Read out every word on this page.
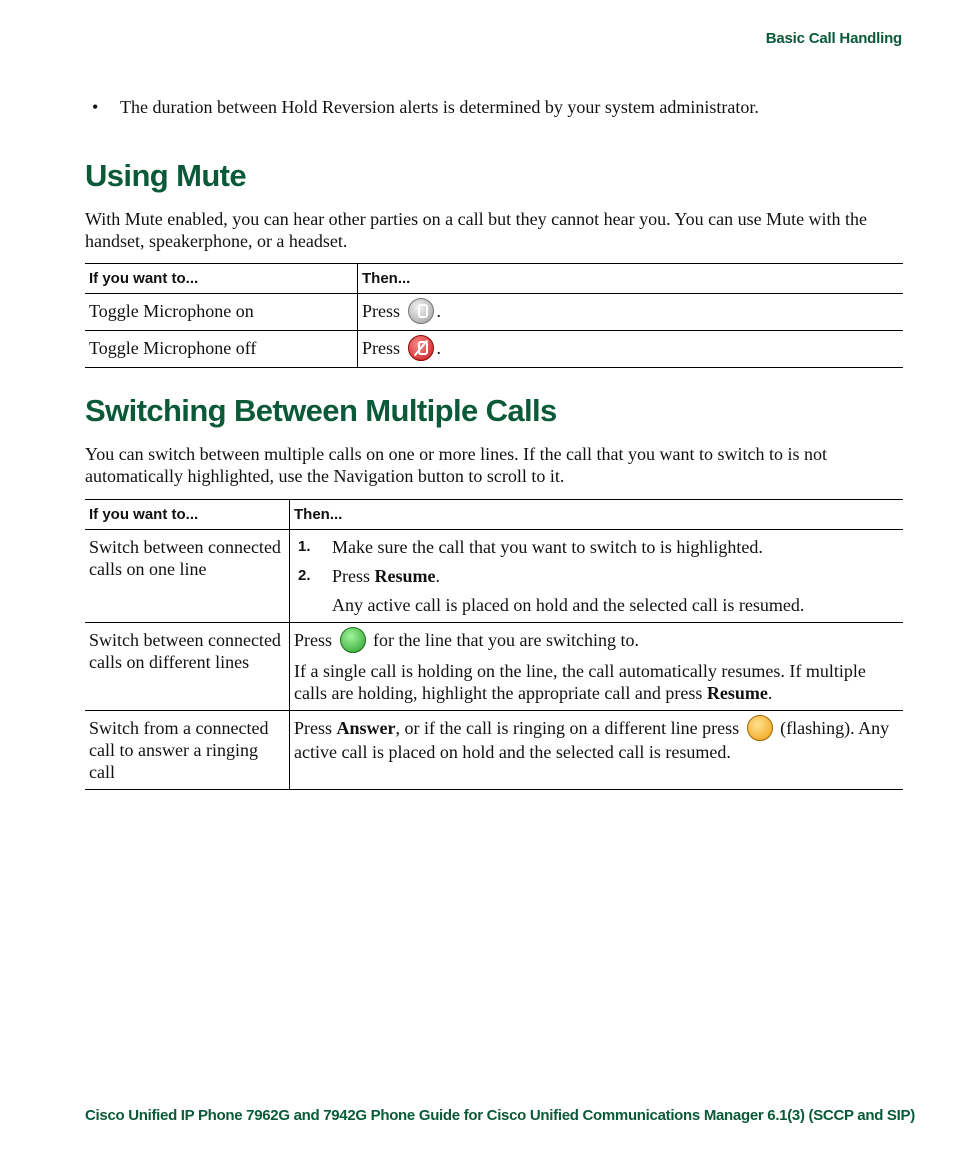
Basic Call Handling
• The duration between Hold Reversion alerts is determined by your system administrator.
Using Mute
With Mute enabled, you can hear other parties on a call but they cannot hear you. You can use Mute with the handset, speakerphone, or a headset.
If you want to...	Then...
Toggle Microphone on	Press .
Toggle Microphone off	Press .
Switching Between Multiple Calls
You can switch between multiple calls on one or more lines. If the call that you want to switch to is not automatically highlighted, use the Navigation button to scroll to it.
If you want to...	Then...
Switch between connected calls on one line	1. Make sure the call that you want to switch to is highlighted.
2. Press Resume.
Any active call is placed on hold and the selected call is resumed.

Switch between connected calls on different lines	Press for the line that you are switching to.
If a single call is holding on the line, the call automatically resumes. If multiple calls are holding, highlight the appropriate call and press Resume.

Switch from a connected call to answer a ringing call	Press Answer, or if the call is ringing on a different line press (flashing). Any active call is placed on hold and the selected call is resumed.
Cisco Unified IP Phone 7962G and 7942G Phone Guide for Cisco Unified Communications Manager 6.1(3) (SCCP and SIP)
